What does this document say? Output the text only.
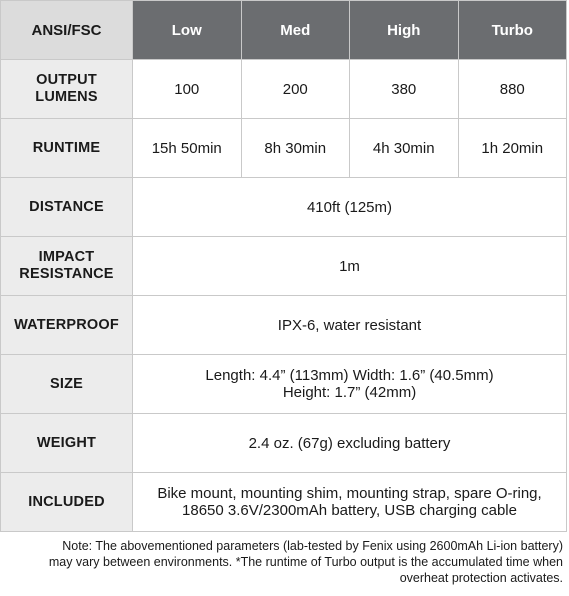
ANSI/FSC	Low	Med	High	Turbo

OUTPUT
LUMENS	100	200	380	880
RUNTIME	15h 50min	8h 30min	4h 30min	1h 20min
DISTANCE	410ft (125m)			

IMPACT
RESISTANCE	1m			
WATERPROOF	IPX-6, water resistant			
SIZE	Length: 4.4” (113mm) Width: 1.6” (40.5mm)
Height: 1.7” (42mm)			

WEIGHT	2.4 oz. (67g) excluding battery			
INCLUDED	Bike mount, mounting shim, mounting strap, spare O-ring,
18650 3.6V/2300mAh battery, USB charging cable			
Note: The abovementioned parameters (lab-tested by Fenix using 2600mAh Li-ion battery)
may vary between environments. *The runtime of Turbo output is the accumulated time when
overheat protection activates.
